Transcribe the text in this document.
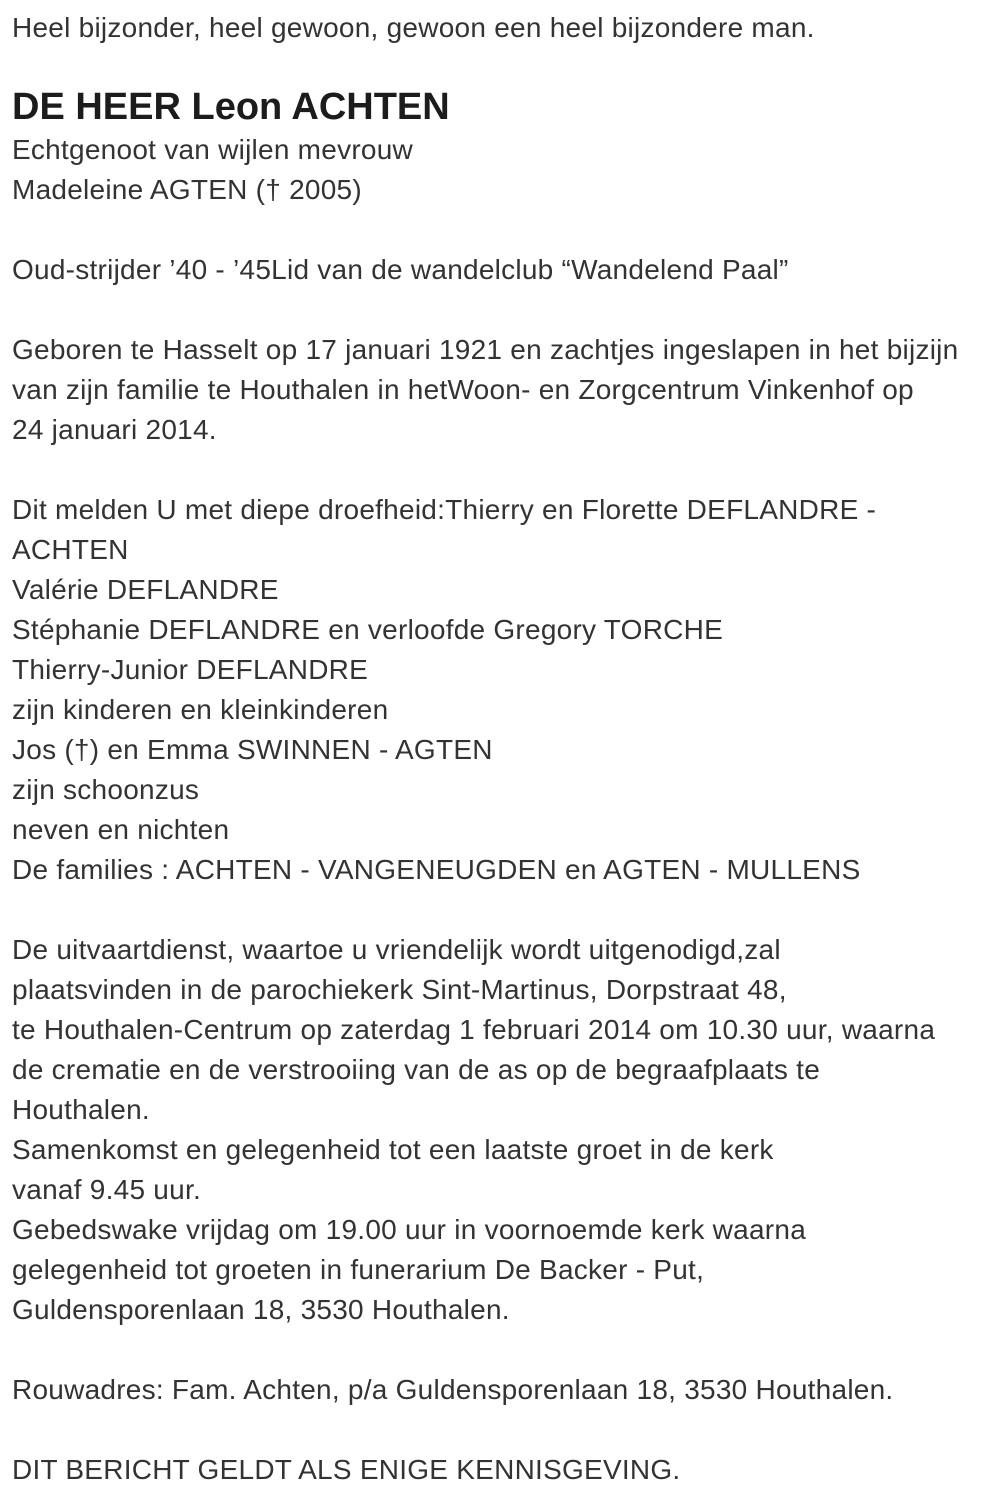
Heel bijzonder, heel gewoon, gewoon een heel bijzondere man.

DE HEER Leon ACHTEN
Echtgenoot van wijlen mevrouw
Madeleine AGTEN († 2005)

Oud-strijder ’40 - ’45Lid van de wandelclub “Wandelend Paal”

Geboren te Hasselt op 17 januari 1921 en zachtjes ingeslapen in het bijzijn
van zijn familie te Houthalen in hetWoon- en Zorgcentrum Vinkenhof op
24 januari 2014.
Dit melden U met diepe droefheid:Thierry en Florette DEFLANDRE -
ACHTEN
Valérie DEFLANDRE
Stéphanie DEFLANDRE en verloofde Gregory TORCHE
Thierry-Junior DEFLANDRE
zijn kinderen en kleinkinderen
Jos (†) en Emma SWINNEN - AGTEN
zijn schoonzus
neven en nichten
De families : ACHTEN - VANGENEUGDEN en AGTEN - MULLENS
De uitvaartdienst, waartoe u vriendelijk wordt uitgenodigd,zal
plaatsvinden in de parochiekerk Sint-Martinus, Dorpstraat 48,
te Houthalen-Centrum op zaterdag 1 februari 2014 om 10.30 uur, waarna
de crematie en de verstrooiing van de as op de begraafplaats te
Houthalen.
Samenkomst en gelegenheid tot een laatste groet in de kerk
vanaf 9.45 uur.
Gebedswake vrijdag om 19.00 uur in voornoemde kerk waarna
gelegenheid tot groeten in funerarium De Backer - Put,
Guldensporenlaan 18, 3530 Houthalen.

Rouwadres: Fam. Achten, p/a Guldensporenlaan 18, 3530 Houthalen.

DIT BERICHT GELDT ALS ENIGE KENNISGEVING.
